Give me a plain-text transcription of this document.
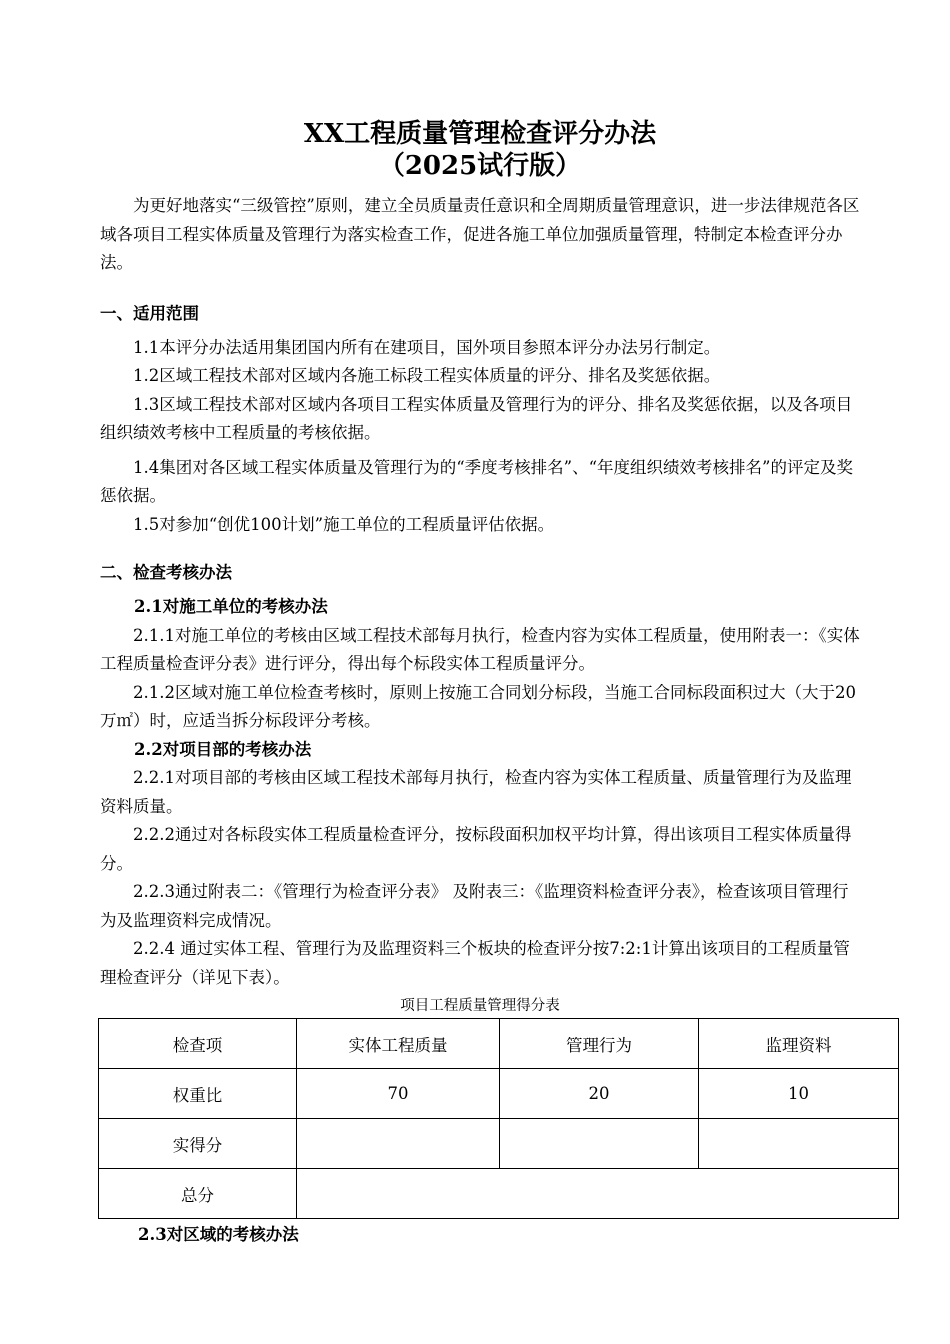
XX工程质量管理检查评分办法
（2025试行版）

为更好地落实“三级管控”原则，建立全员质量责任意识和全周期质量管理意识，进一步法律规范各区域各项目工程实体质量及管理行为落实检查工作，促进各施工单位加强质量管理，特制定本检查评分办法。

一、适用范围

1.1本评分办法适用集团国内所有在建项目，国外项目参照本评分办法另行制定。

1.2区域工程技术部对区域内各施工标段工程实体质量的评分、排名及奖惩依据。

1.3区域工程技术部对区域内各项目工程实体质量及管理行为的评分、排名及奖惩依据，以及各项目组织绩效考核中工程质量的考核依据。

1.4集团对各区域工程实体质量及管理行为的“季度考核排名”、“年度组织绩效考核排名”的评定及奖惩依据。

1.5对参加“创优100计划”施工单位的工程质量评估依据。

二、检查考核办法
2.1对施工单位的考核办法

2.1.1对施工单位的考核由区域工程技术部每月执行，检查内容为实体工程质量，使用附表一：《实体工程质量检查评分表》进行评分，得出每个标段实体工程质量评分。

2.1.2区域对施工单位检查考核时，原则上按施工合同划分标段，当施工合同标段面积过大（大于20万㎡）时，应适当拆分标段评分考核。

2.2对项目部的考核办法

2.2.1对项目部的考核由区域工程技术部每月执行，检查内容为实体工程质量、质量管理行为及监理资料质量。

2.2.2通过对各标段实体工程质量检查评分，按标段面积加权平均计算，得出该项目工程实体质量得分。

2.2.3通过附表二：《管理行为检查评分表》 及附表三：《监理资料检查评分表》，检查该项目管理行为及监理资料完成情况。

2.2.4 通过实体工程、管理行为及监理资料三个板块的检查评分按7:2:1计算出该项目的工程质量管理检查评分（详见下表）。

项目工程质量管理得分表
检查项	实体工程质量	管理行为	监理资料
权重比	70	20	10
实得分			
总分			
2.3对区域的考核办法
